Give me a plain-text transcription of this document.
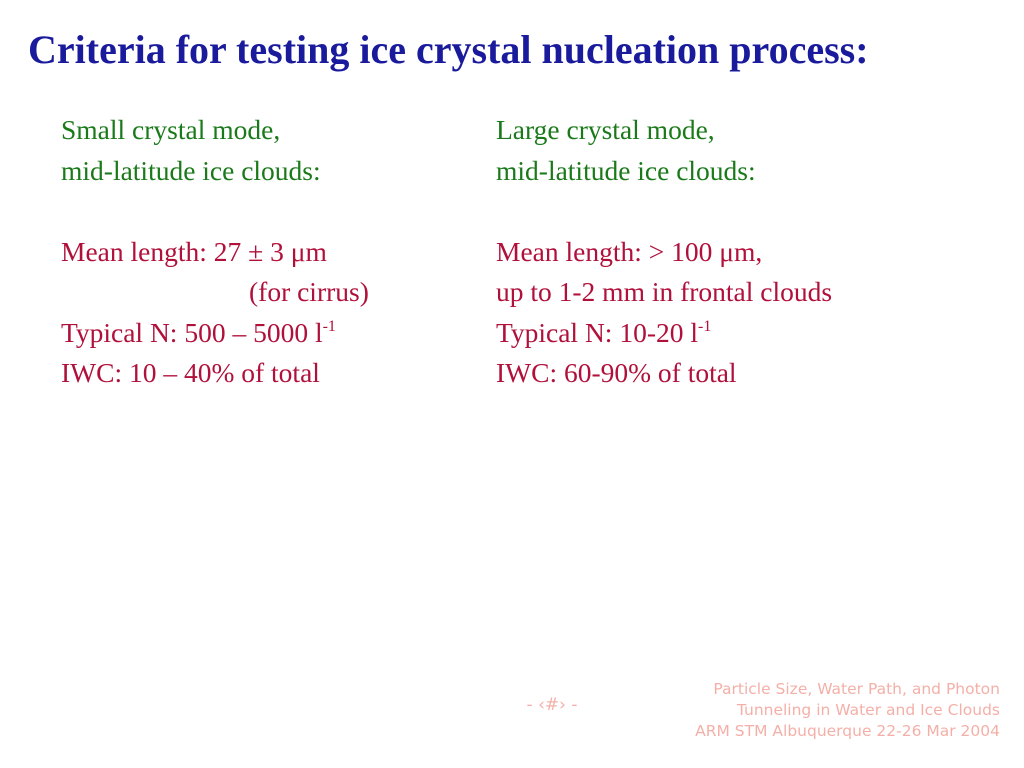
Criteria for testing ice crystal nucleation process:
Small crystal mode,
mid-latitude ice clouds:
Mean length: 27 ± 3 μm
(for cirrus)
Typical N: 500 – 5000 $l^{-1}$
IWC: 10 – 40% of total
Large crystal mode,
mid-latitude ice clouds:
Mean length: > 100 μm,
up to 1-2 mm in frontal clouds
Typical N: 10-20 $l^{-1}$
IWC: 60-90% of total
- ‹#› -
Particle Size, Water Path, and Photon
Tunneling in Water and Ice Clouds
ARM STM Albuquerque 22-26 Mar 2004
